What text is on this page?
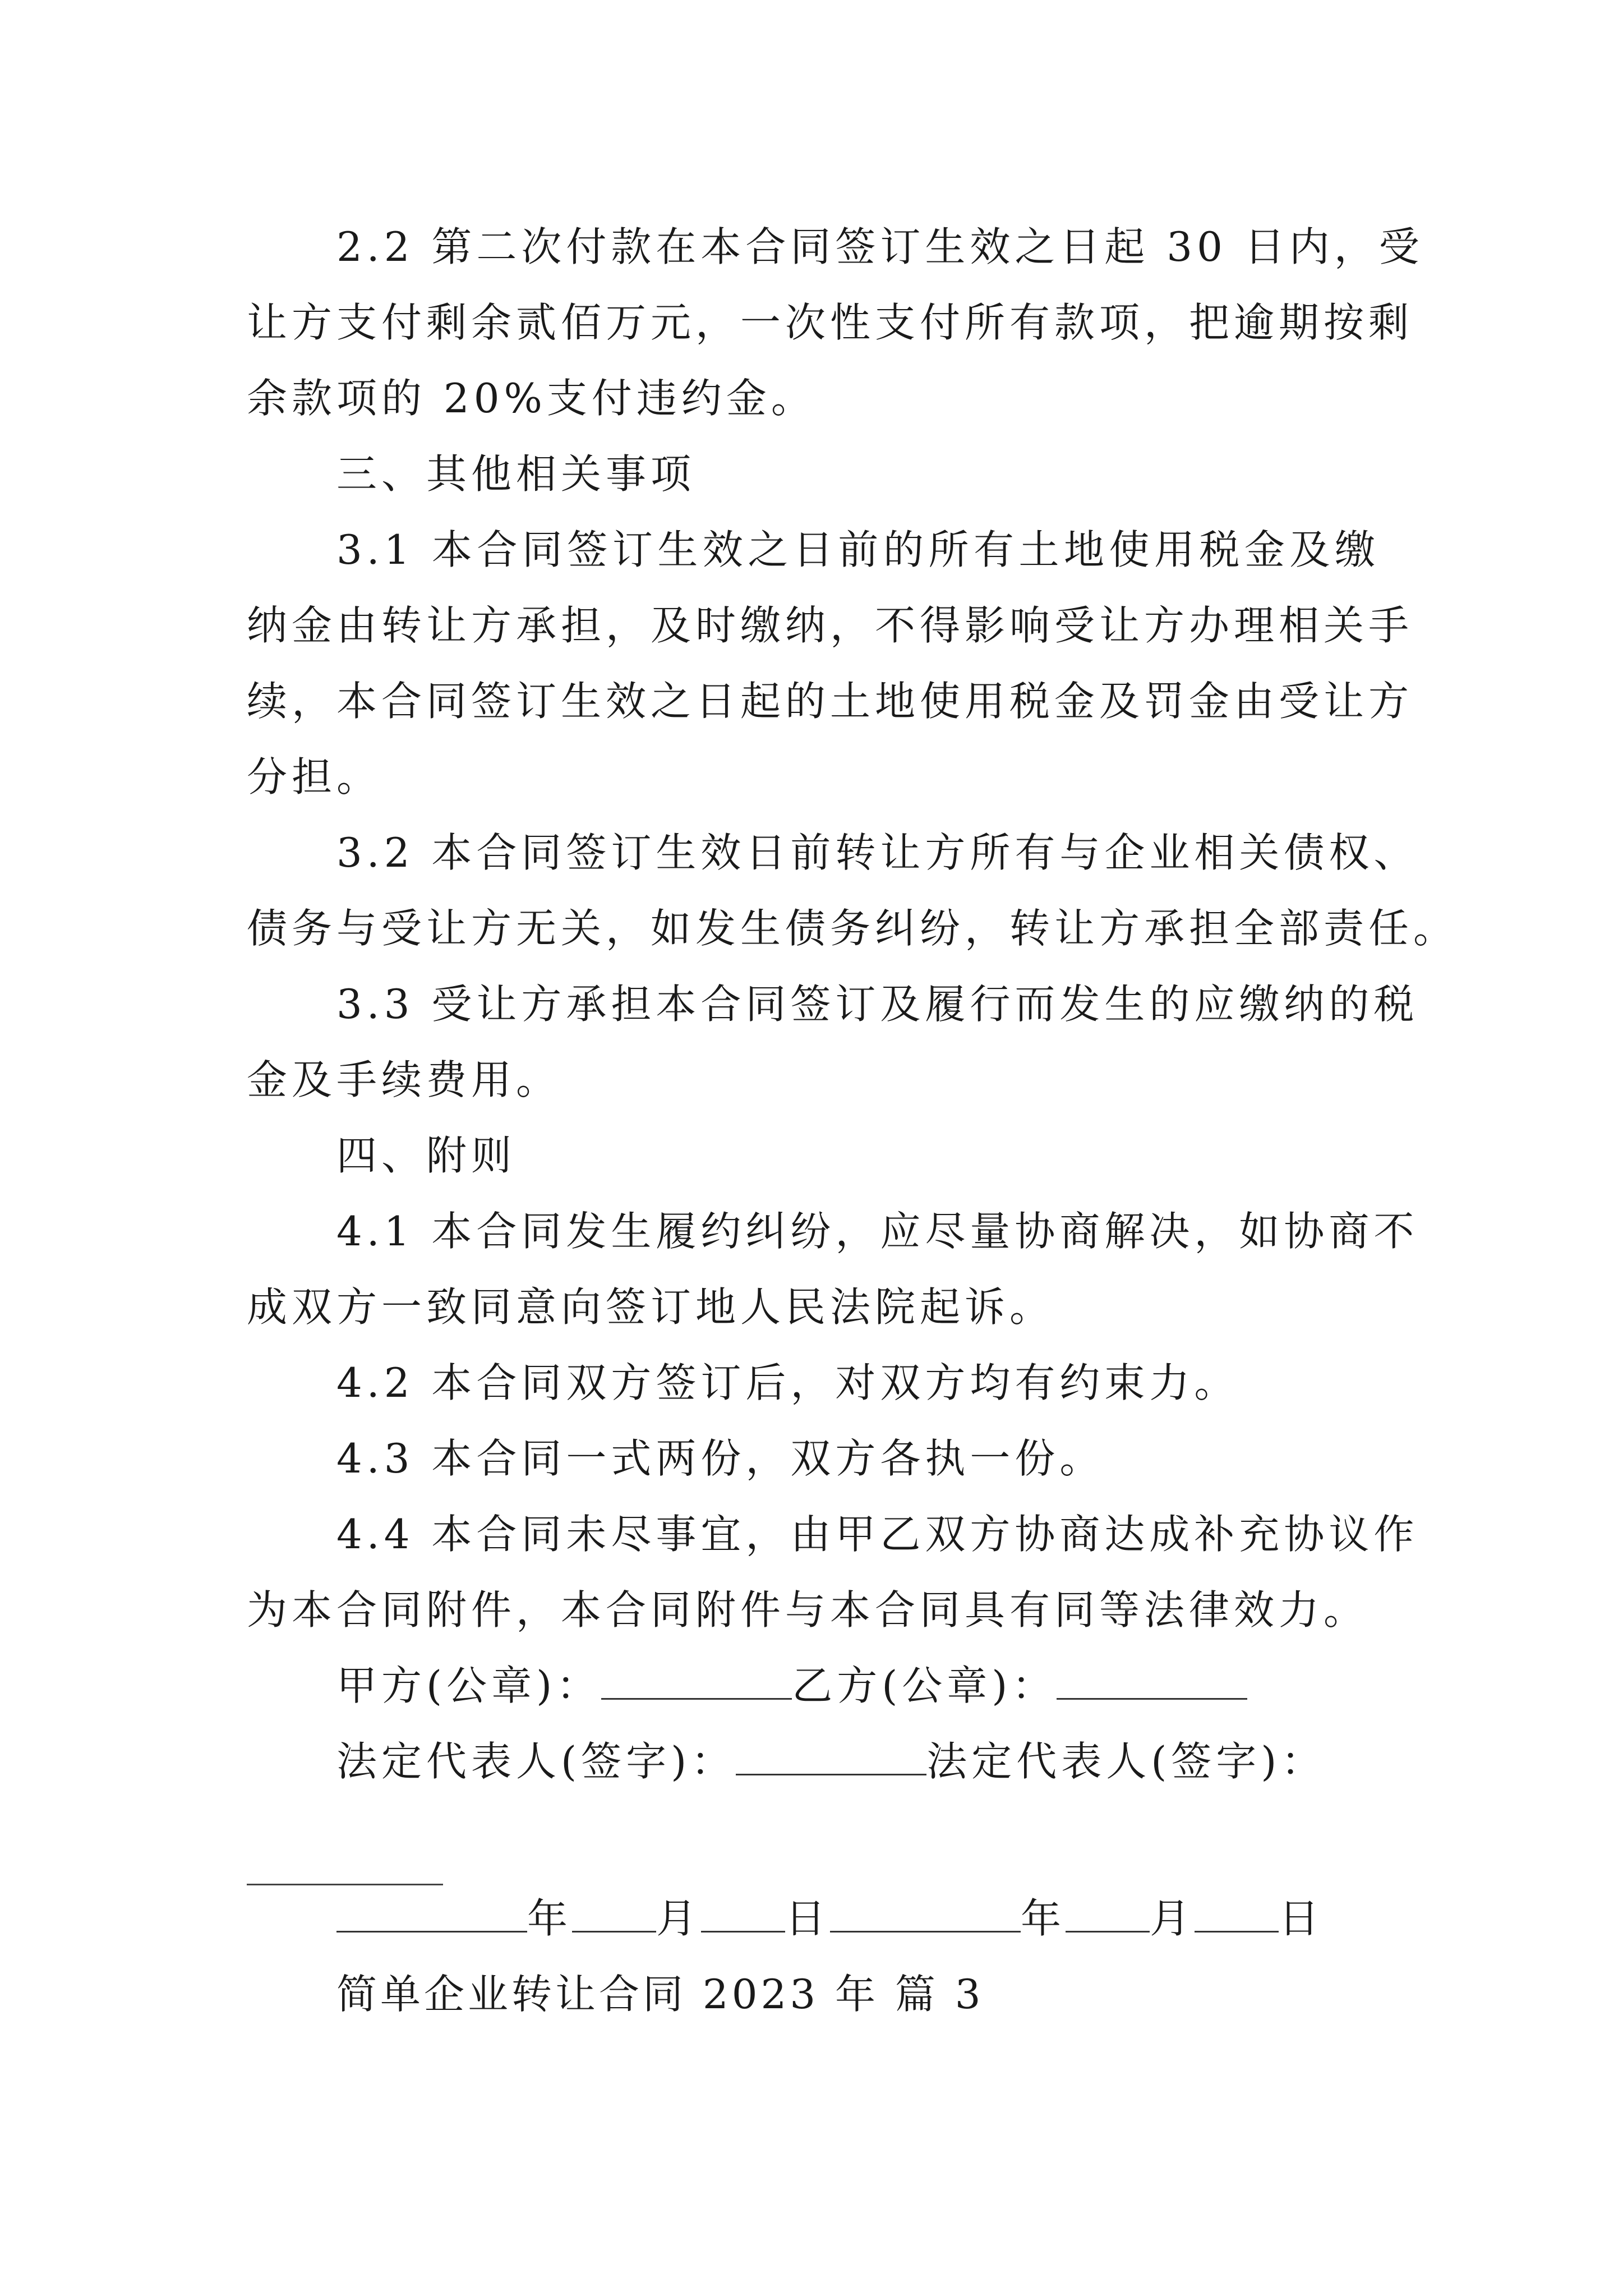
2.2 第二次付款在本合同签订生效之日起 30 日内，受
让方支付剩余贰佰万元，一次性支付所有款项，把逾期按剩
余款项的 20%支付违约金。
三、其他相关事项
3.1 本合同签订生效之日前的所有土地使用税金及缴
纳金由转让方承担，及时缴纳，不得影响受让方办理相关手
续，本合同签订生效之日起的土地使用税金及罚金由受让方
分担。
3.2 本合同签订生效日前转让方所有与企业相关债权、
债务与受让方无关，如发生债务纠纷，转让方承担全部责任。
3.3 受让方承担本合同签订及履行而发生的应缴纳的税
金及手续费用。
四、附则
4.1 本合同发生履约纠纷，应尽量协商解决，如协商不
成双方一致同意向签订地人民法院起诉。
4.2 本合同双方签订后，对双方均有约束力。
4.3 本合同一式两份，双方各执一份。
4.4 本合同未尽事宜，由甲乙双方协商达成补充协议作
为本合同附件，本合同附件与本合同具有同等法律效力。
甲方(公章)：	乙方(公章)：
法定代表人(签字)：	法定代表人(签字)：
年 月 日	年 月 日
简单企业转让合同 2023 年 篇 3
